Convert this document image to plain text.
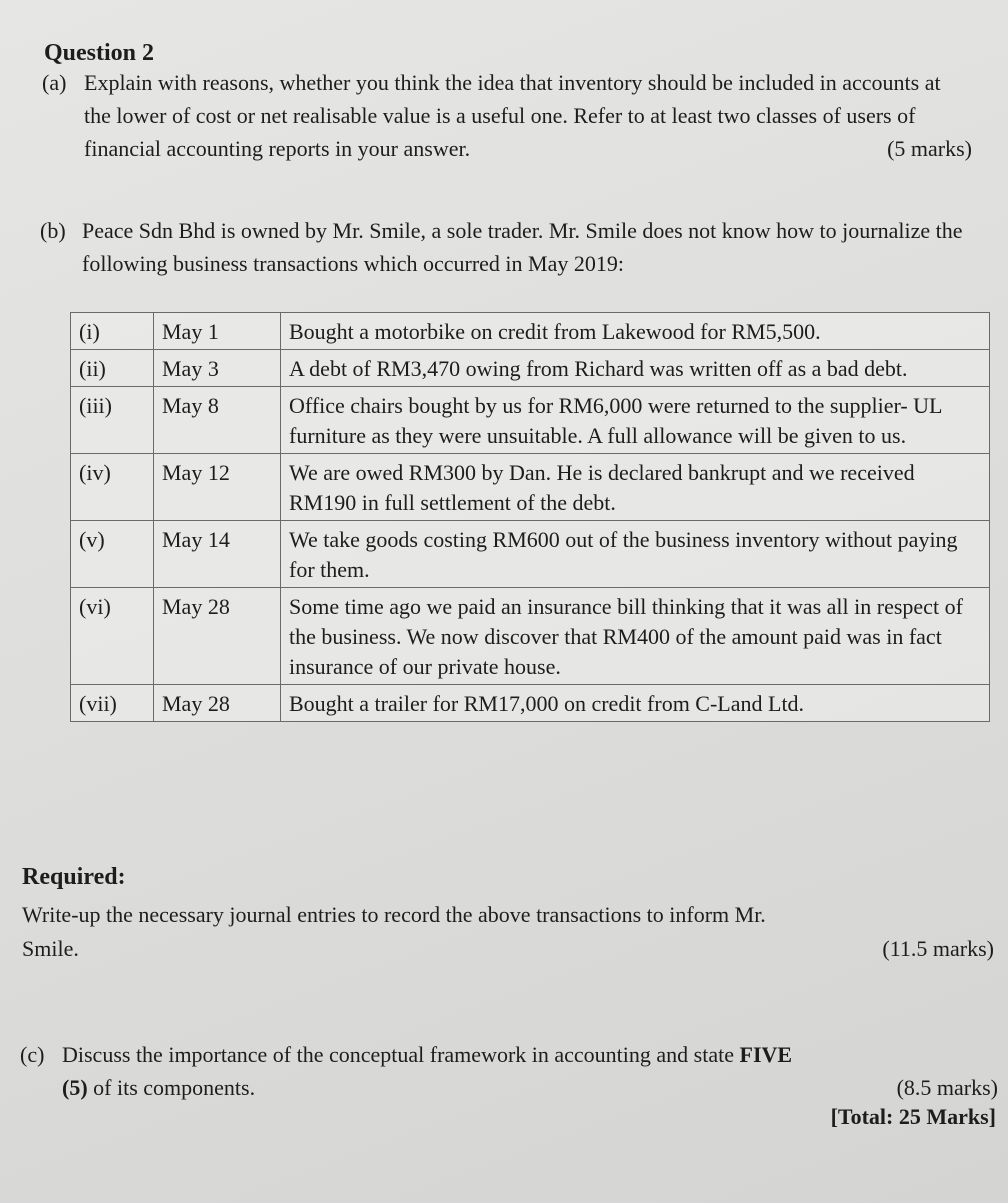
Question 2
(a) Explain with reasons, whether you think the idea that inventory should be included in accounts at the lower of cost or net realisable value is a useful one. Refer to at least two classes of users of financial accounting reports in your answer.	(5 marks)
(b) Peace Sdn Bhd is owned by Mr. Smile, a sole trader. Mr. Smile does not know how to journalize the following business transactions which occurred in May 2019:
(i)	May 1	Bought a motorbike on credit from Lakewood for RM5,500.
(ii)	May 3	A debt of RM3,470 owing from Richard was written off as a bad debt.
(iii)	May 8	Office chairs bought by us for RM6,000 were returned to the supplier- UL furniture as they were unsuitable. A full allowance will be given to us.
(iv)	May 12	We are owed RM300 by Dan. He is declared bankrupt and we received RM190 in full settlement of the debt.
(v)	May 14	We take goods costing RM600 out of the business inventory without paying for them.
(vi)	May 28	Some time ago we paid an insurance bill thinking that it was all in respect of the business. We now discover that RM400 of the amount paid was in fact insurance of our private house.
(vii)	May 28	Bought a trailer for RM17,000 on credit from C-Land Ltd.
Required:
Write-up the necessary journal entries to record the above transactions to inform Mr.
Smile.	(11.5 marks)
(c) Discuss the importance of the conceptual framework in accounting and state FIVE
(5) of its components.	(8.5 marks)
[Total: 25 Marks]
